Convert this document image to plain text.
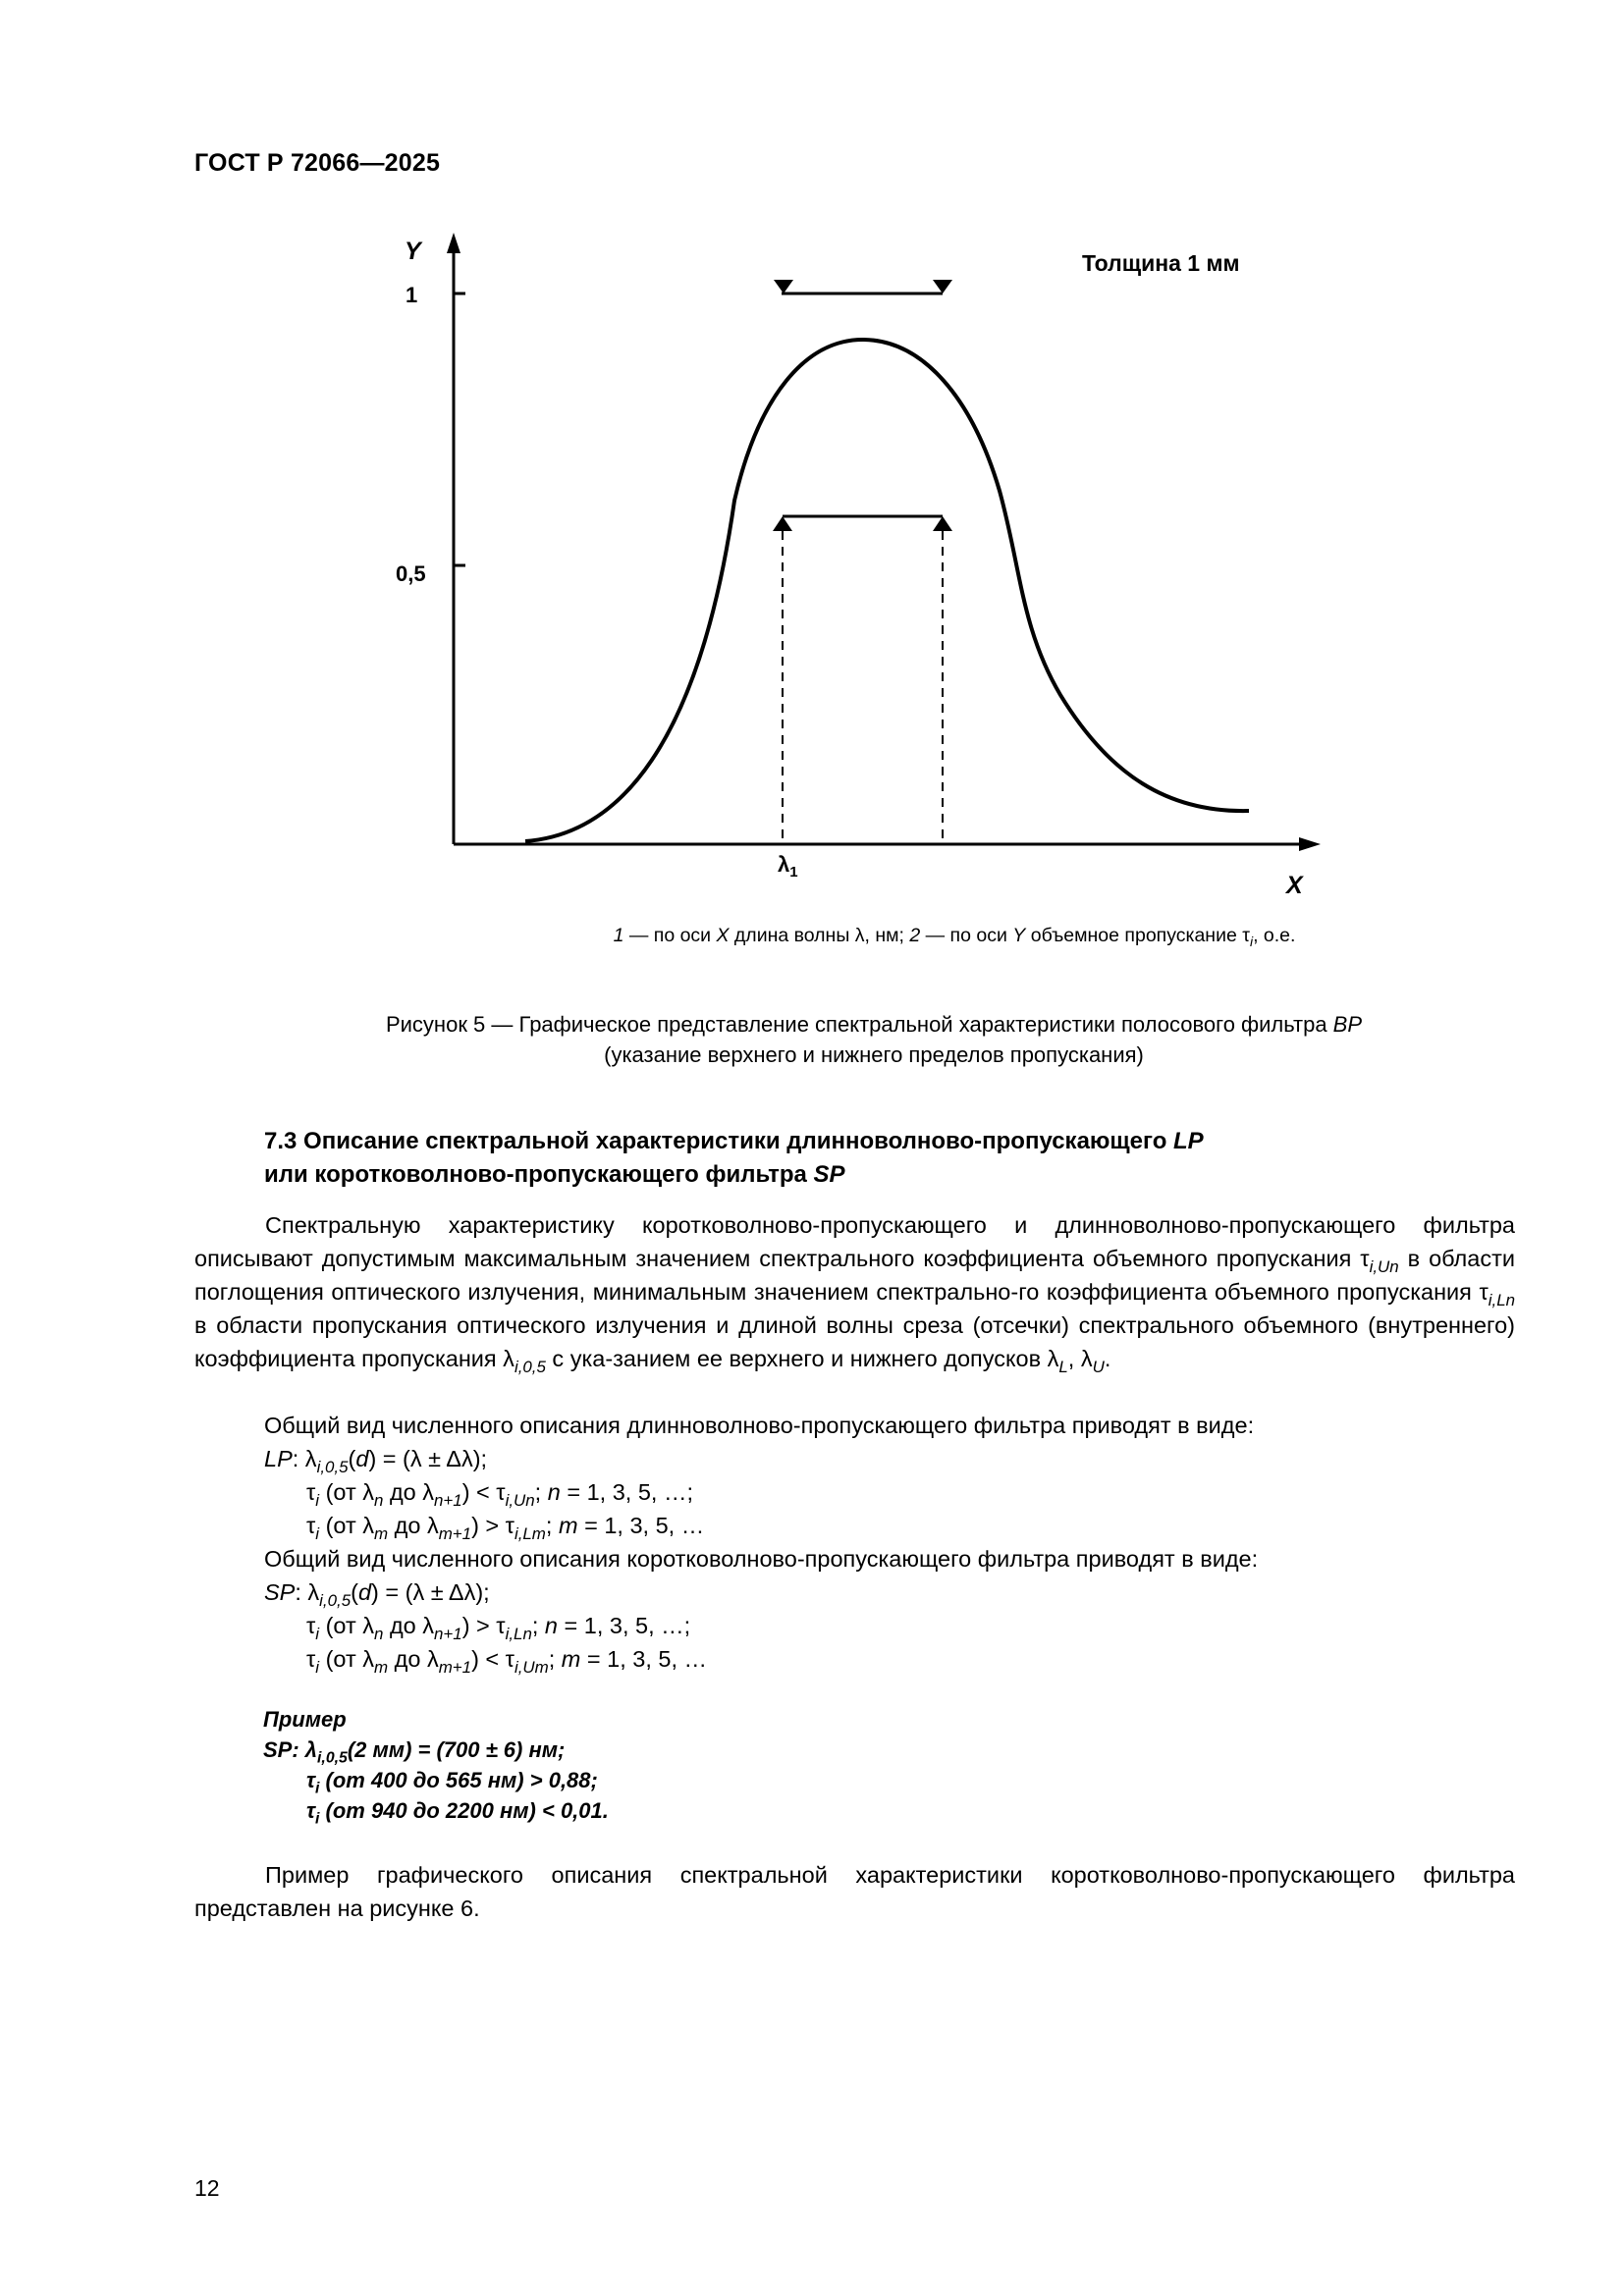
ГОСТ Р 72066—2025
Y
1
0,5
X
Толщина 1 мм
$\lambda_1$
1 — по оси X длина волны λ, нм; 2 — по оси Y объемное пропускание $\tau_i$, о.е.
Рисунок 5 — Графическое представление спектральной характеристики полосового фильтра BP
(указание верхнего и нижнего пределов пропускания)
7.3 Описание спектральной характеристики длинноволново-пропускающего LP
или коротковолново-пропускающего фильтра SP
Спектральную характеристику коротковолново-пропускающего и длинноволново-пропускающего фильтра описывают допустимым максимальным значением спектрального коэффициента объемного пропускания $\tau_{i,Un}$ в области поглощения оптического излучения, минимальным значением спектрально-го коэффициента объемного пропускания $\tau_{i,Ln}$ в области пропускания оптического излучения и длиной волны среза (отсечки) спектрального объемного (внутреннего) коэффициента пропускания $\lambda_{i,0,5}$ с ука-занием ее верхнего и нижнего допусков $\lambda_L$, $\lambda_U$.
Общий вид численного описания длинноволново-пропускающего фильтра приводят в виде:
LP: $\lambda_{i,0,5}(d) = (\lambda \pm \Delta\lambda)$;
$\tau_i$ (от $\lambda_n$ до $\lambda_{n+1}) < \tau_{i,Un}$; n = 1, 3, 5, …;
$\tau_i$ (от $\lambda_m$ до $\lambda_{m+1}) > \tau_{i,Lm}$; m = 1, 3, 5, …
Общий вид численного описания коротковолново-пропускающего фильтра приводят в виде:
SP: $\lambda_{i,0,5}(d) = (\lambda \pm \Delta\lambda)$;
$\tau_i$ (от $\lambda_n$ до $\lambda_{n+1}) > \tau_{i,Ln}$; n = 1, 3, 5, …;
$\tau_i$ (от $\lambda_m$ до $\lambda_{m+1}) < \tau_{i,Um}$; m = 1, 3, 5, …
Пример
SP: $\lambda_{i,0,5}(2$ мм) = (700 ± 6) нм;
$\tau_i$ (от 400 до 565 нм) > 0,88;
$\tau_i$ (от 940 до 2200 нм) < 0,01.
Пример графического описания спектральной характеристики коротковолново-пропускающего фильтра представлен на рисунке 6.
12
